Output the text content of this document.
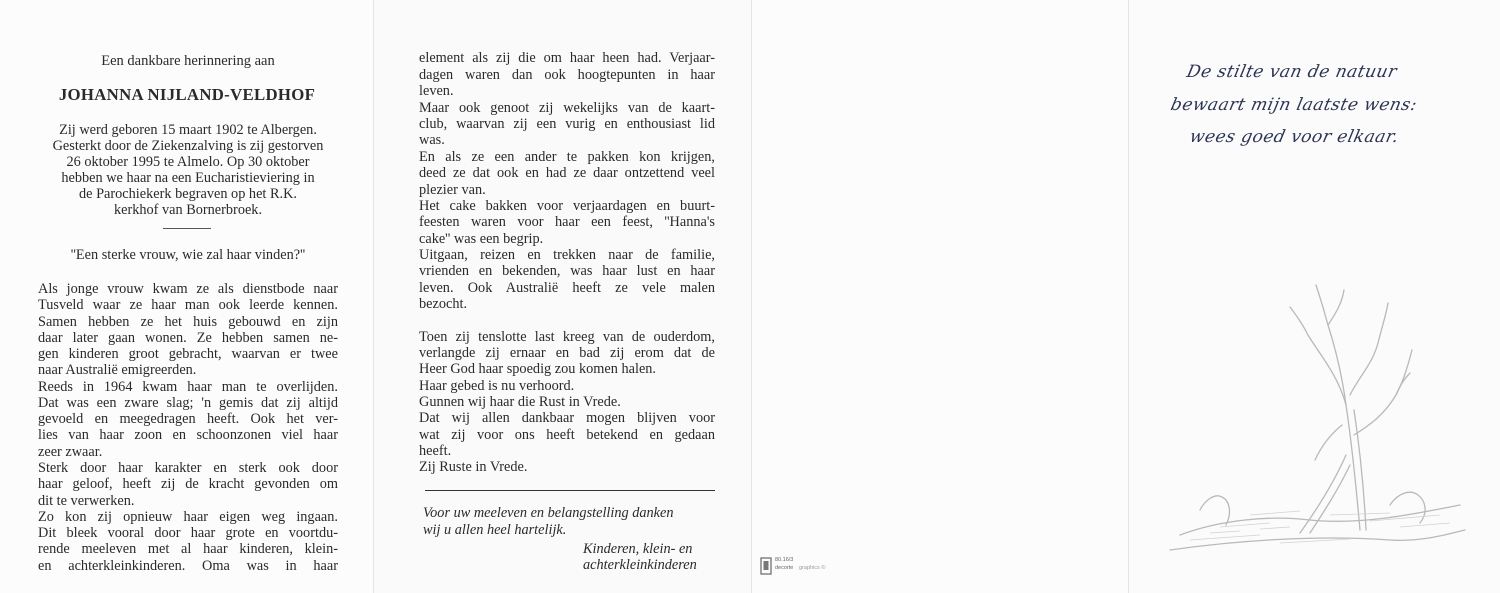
Een dankbare herinnering aan
JOHANNA NIJLAND-VELDHOF
Zij werd geboren 15 maart 1902 te Albergen.
Gesterkt door de Ziekenzalving is zij gestorven
26 oktober 1995 te Almelo. Op 30 oktober
hebben we haar na een Eucharistieviering in
de Parochiekerk begraven op het R.K.
kerkhof van Bornerbroek.
''Een sterke vrouw, wie zal haar vinden?''
Als jonge vrouw kwam ze als dienstbode naar
Tusveld waar ze haar man ook leerde kennen.
Samen hebben ze het huis gebouwd en zijn
daar later gaan wonen. Ze hebben samen ne-
gen kinderen groot gebracht, waarvan er twee
naar Australië emigreerden.
Reeds in 1964 kwam haar man te overlijden.
Dat was een zware slag; 'n gemis dat zij altijd
gevoeld en meegedragen heeft. Ook het ver-
lies van haar zoon en schoonzonen viel haar
zeer zwaar.
Sterk door haar karakter en sterk ook door
haar geloof, heeft zij de kracht gevonden om
dit te verwerken.
Zo kon zij opnieuw haar eigen weg ingaan.
Dit bleek vooral door haar grote en voortdu-
rende meeleven met al haar kinderen, klein-
en achterkleinkinderen. Oma was in haar
element als zij die om haar heen had. Verjaar-
dagen waren dan ook hoogtepunten in haar
leven.
Maar ook genoot zij wekelijks van de kaart-
club, waarvan zij een vurig en enthousiast lid
was.
En als ze een ander te pakken kon krijgen,
deed ze dat ook en had ze daar ontzettend veel
plezier van.
Het cake bakken voor verjaardagen en buurt-
feesten waren voor haar een feest, ''Hanna's
cake'' was een begrip.
Uitgaan, reizen en trekken naar de familie,
vrienden en bekenden, was haar lust en haar
leven. Ook Australië heeft ze vele malen
bezocht.
Toen zij tenslotte last kreeg van de ouderdom,
verlangde zij ernaar en bad zij erom dat de
Heer God haar spoedig zou komen halen.
Haar gebed is nu verhoord.
Gunnen wij haar die Rust in Vrede.
Dat wij allen dankbaar mogen blijven voor
wat zij voor ons heeft betekend en gedaan
heeft.
Zij Ruste in Vrede.
Voor uw meeleven en belangstelling danken
wij u allen heel hartelijk.
Kinderen, klein- en
achterkleinkinderen	80.16/3
decorte graphics ©
De stilte van de natuur
bewaart mijn laatste wens:
wees goed voor elkaar.
